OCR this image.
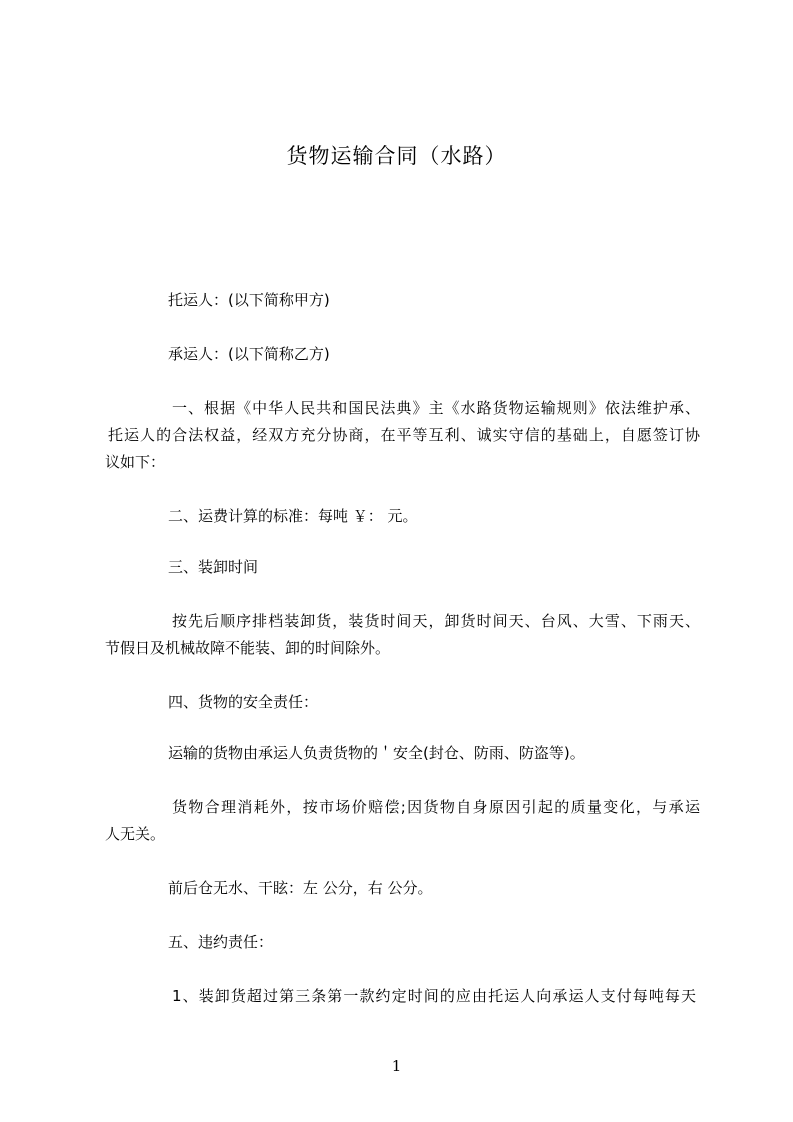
货物运输合同（水路）
托运人：(以下简称甲方)
承运人：(以下简称乙方)
一、根据《中华人民共和国民法典》主《水路货物运输规则》依法维护承、
托运人的合法权益，经双方充分协商，在平等互利、诚实守信的基础上，自愿签订协
议如下：
二、运费计算的标准：每吨 ￥： 元。
三、装卸时间
按先后顺序排档装卸货，装货时间天，卸货时间天、台风、大雪、下雨天、
节假日及机械故障不能装、卸的时间除外。
四、货物的安全责任：
运输的货物由承运人负责货物的＇安全(封仓、防雨、防盗等)。
货物合理消耗外，按市场价赔偿;因货物自身原因引起的质量变化，与承运
人无关。
前后仓无水、干眩：左 公分，右 公分。
五、违约责任：
1、装卸货超过第三条第一款约定时间的应由托运人向承运人支付每吨每天
1
